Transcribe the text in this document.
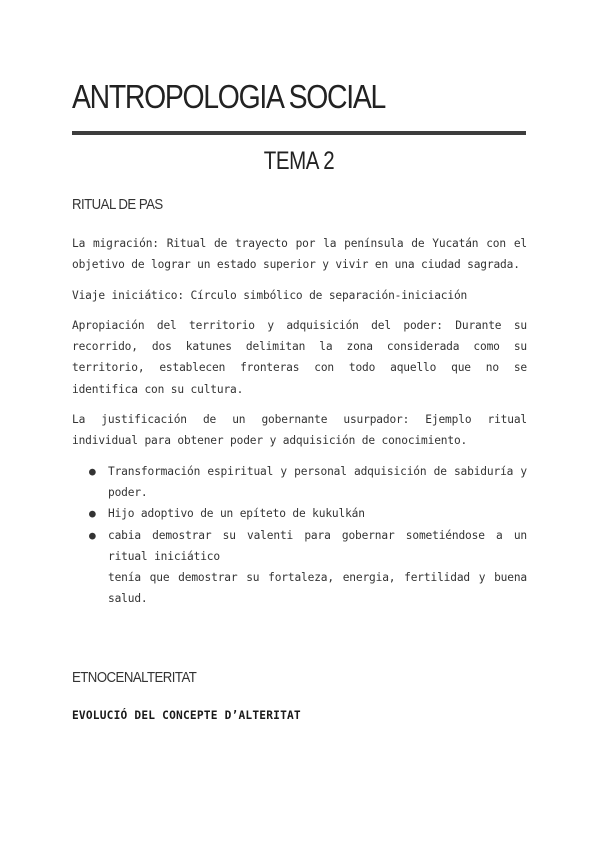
ANTROPOLOGIA SOCIAL
TEMA 2
RITUAL DE PAS

La migración: Ritual de trayecto por la península de Yucatán con el objetivo de lograr un estado superior y vivir en una ciudad sagrada.

Viaje iniciático: Círculo simbólico de separación-iniciación

Apropiación del territorio y adquisición del poder: Durante su recorrido, dos katunes delimitan la zona considerada como su territorio, establecen fronteras con todo aquello que no se identifica con su cultura.

La justificación de un gobernante usurpador: Ejemplo ritual individual para obtener poder y adquisición de conocimiento.

● Transformación espiritual y personal adquisición de sabiduría y poder.
● Hijo adoptivo de un epíteto de kukulkán
● cabia demostrar su valenti para gobernar sometiéndose a un ritual iniciático
tenía que demostrar su fortaleza, energia, fertilidad y buena salud.
ETNOCENALTERITAT
EVOLUCIÓ DEL CONCEPTE D’ALTERITAT
